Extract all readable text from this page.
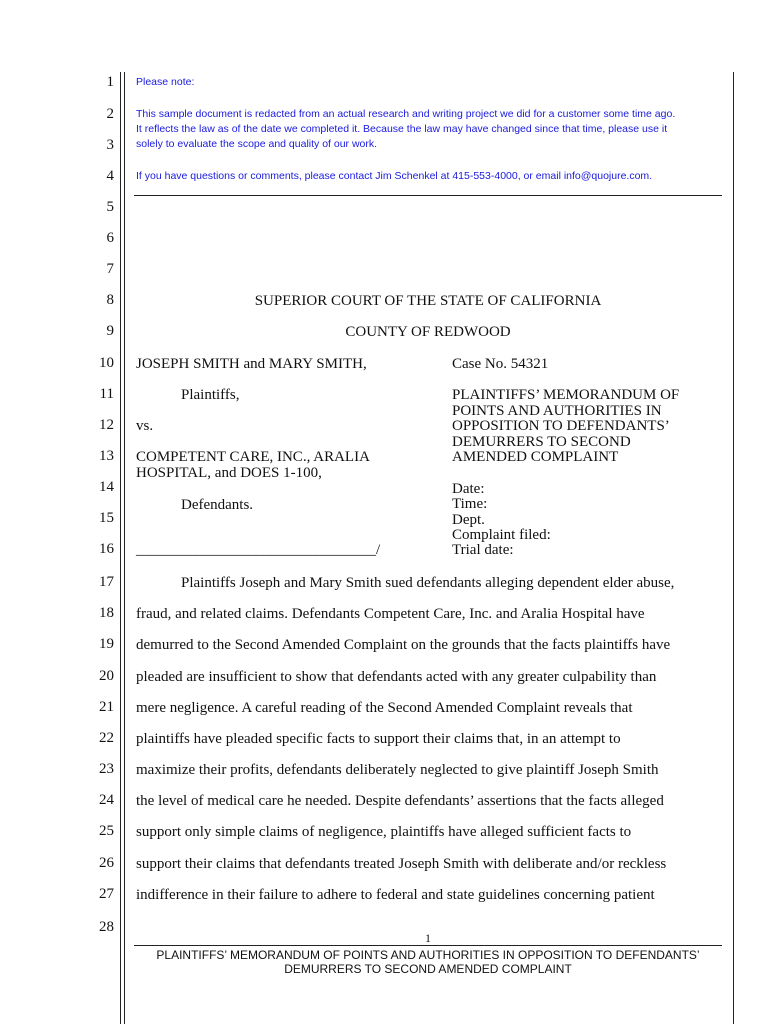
1
2
3
4
5
6
7
8
9
10
11
12
13
14
15
16
17
18
19
20
21
22
23
24
25
26
27
28
Please note:
This sample document is redacted from an actual research and writing project we did for a customer some time ago.
It reflects the law as of the date we completed it. Because the law may have changed since that time, please use it
solely to evaluate the scope and quality of our work.
If you have questions or comments, please contact Jim Schenkel at 415-553-4000, or email info@quojure.com.
SUPERIOR COURT OF THE STATE OF CALIFORNIA
COUNTY OF REDWOOD
JOSEPH SMITH and MARY SMITH,
Plaintiffs,
vs.
COMPETENT CARE, INC., ARALIA
HOSPITAL, and DOES 1-100,
Defendants.
________________________________/
Case No. 54321
PLAINTIFFS’ MEMORANDUM OF
POINTS AND AUTHORITIES IN
OPPOSITION TO DEFENDANTS’
DEMURRERS TO SECOND
AMENDED COMPLAINT
Date:
Time:
Dept.
Complaint filed:
Trial date:
Plaintiffs Joseph and Mary Smith sued defendants alleging dependent elder abuse,
fraud, and related claims. Defendants Competent Care, Inc. and Aralia Hospital have
demurred to the Second Amended Complaint on the grounds that the facts plaintiffs have
pleaded are insufficient to show that defendants acted with any greater culpability than
mere negligence. A careful reading of the Second Amended Complaint reveals that
plaintiffs have pleaded specific facts to support their claims that, in an attempt to
maximize their profits, defendants deliberately neglected to give plaintiff Joseph Smith
the level of medical care he needed. Despite defendants’ assertions that the facts alleged
support only simple claims of negligence, plaintiffs have alleged sufficient facts to
support their claims that defendants treated Joseph Smith with deliberate and/or reckless
indifference in their failure to adhere to federal and state guidelines concerning patient
1
PLAINTIFFS’ MEMORANDUM OF POINTS AND AUTHORITIES IN OPPOSITION TO DEFENDANTS’
DEMURRERS TO SECOND AMENDED COMPLAINT
